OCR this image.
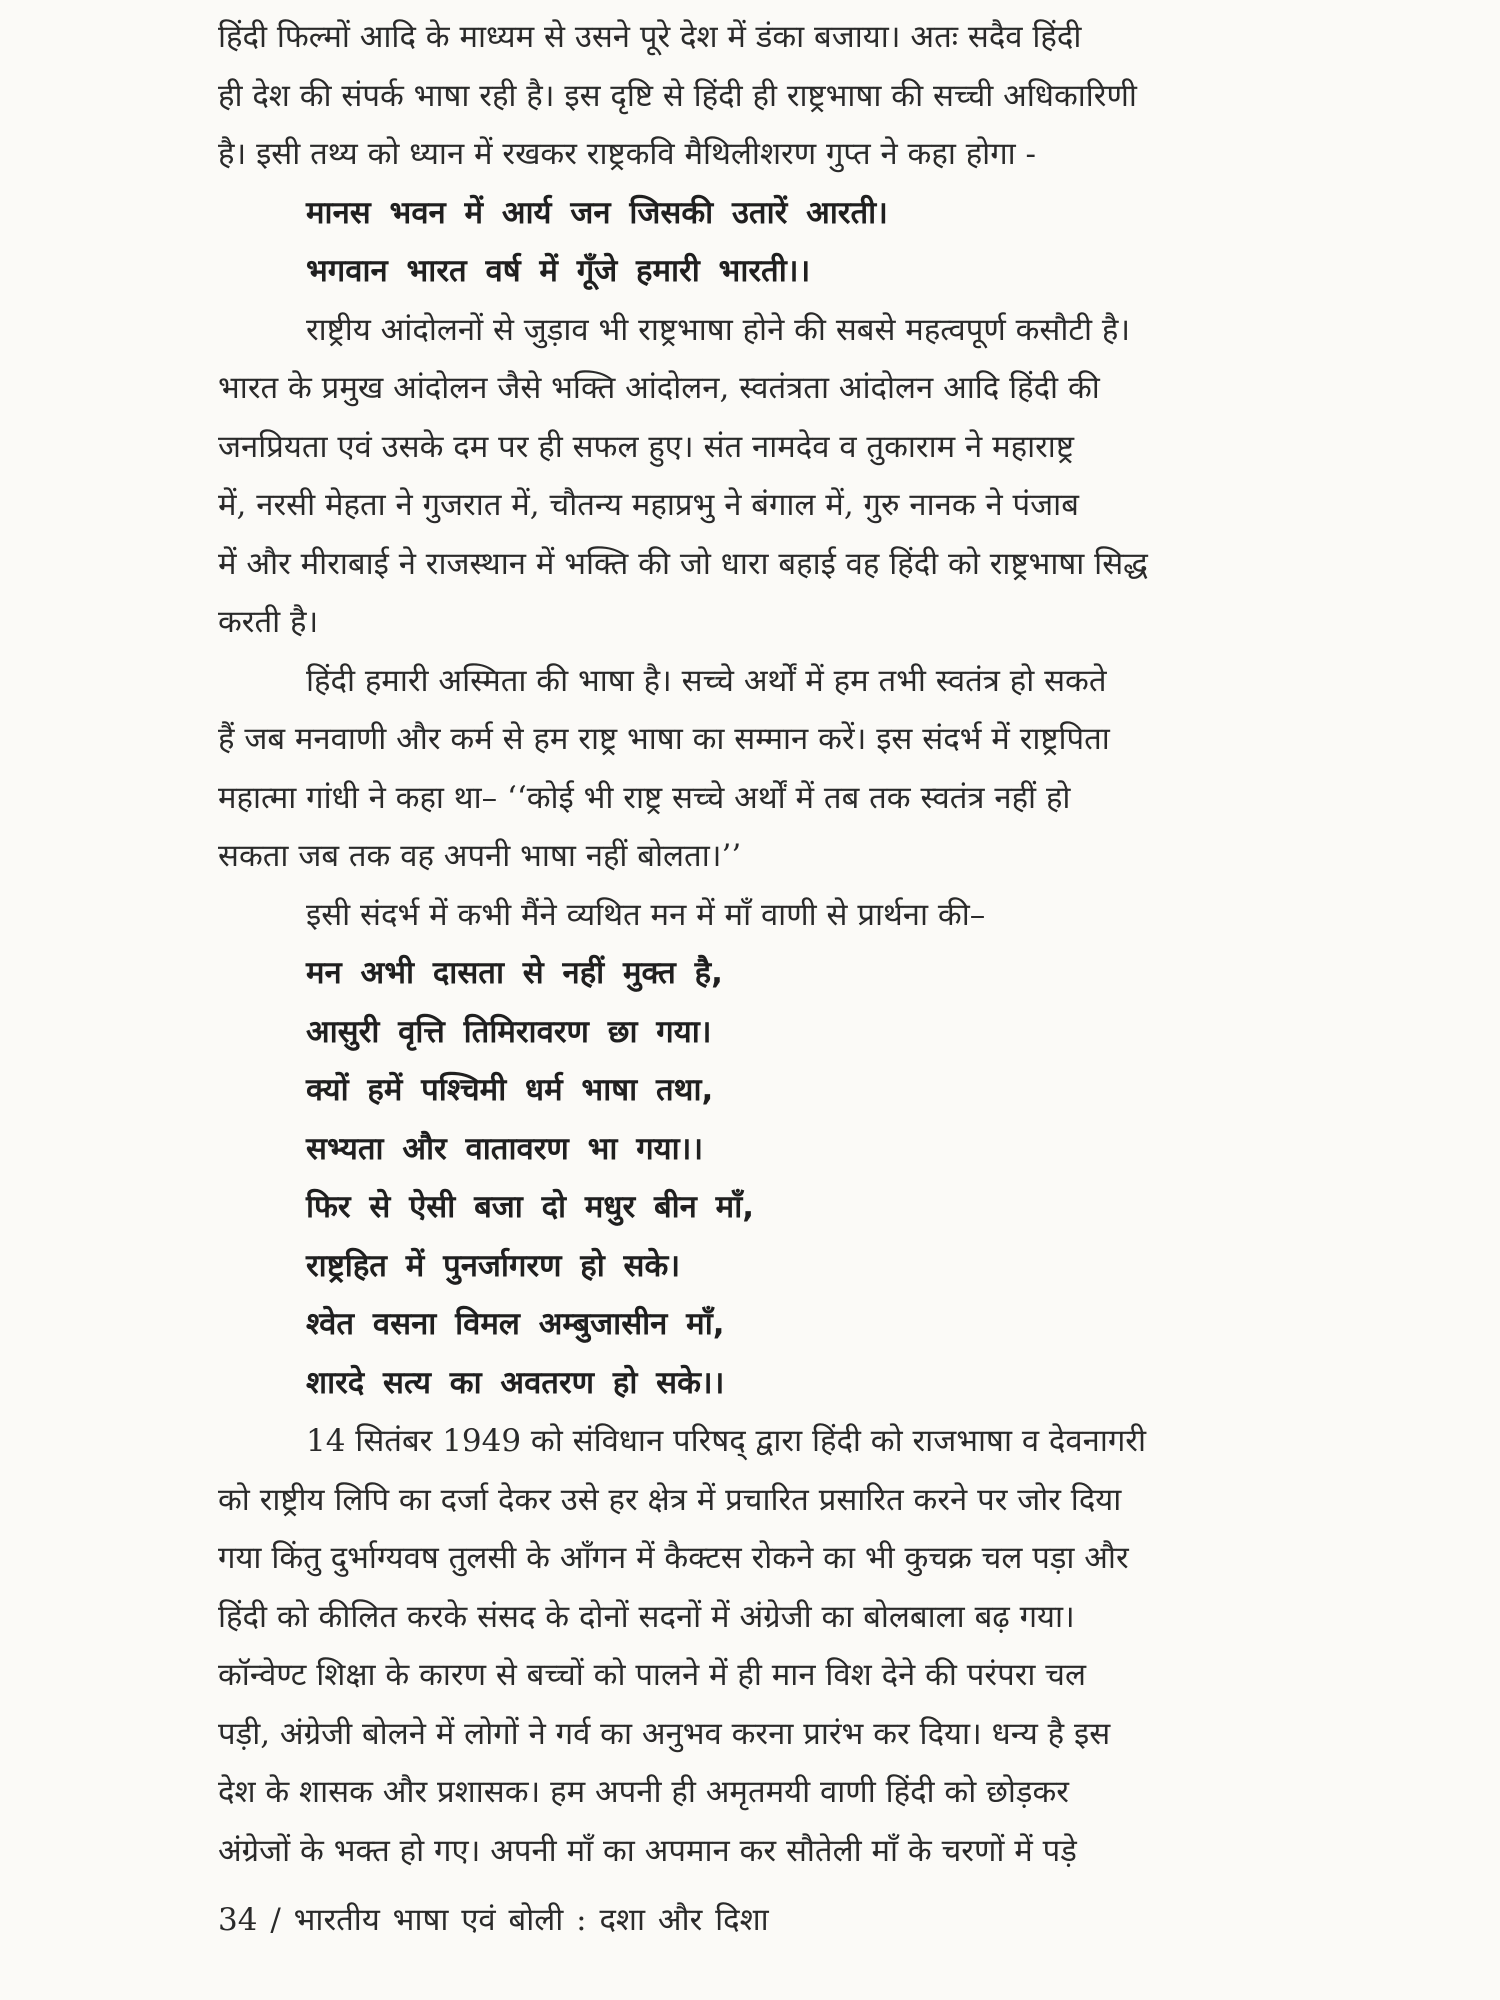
हिंदी फिल्मों आदि के माध्यम से उसने पूरे देश में डंका बजाया। अतः सदैव हिंदी
ही देश की संपर्क भाषा रही है। इस दृष्टि से हिंदी ही राष्ट्रभाषा की सच्ची अधिकारिणी
है। इसी तथ्य को ध्यान में रखकर राष्ट्रकवि मैथिलीशरण गुप्त ने कहा होगा -
मानस भवन में आर्य जन जिसकी उतारें आरती।
भगवान भारत वर्ष में गूँजे हमारी भारती।।
राष्ट्रीय आंदोलनों से जुड़ाव भी राष्ट्रभाषा होने की सबसे महत्वपूर्ण कसौटी है।
भारत के प्रमुख आंदोलन जैसे भक्ति आंदोलन, स्वतंत्रता आंदोलन आदि हिंदी की
जनप्रियता एवं उसके दम पर ही सफल हुए। संत नामदेव व तुकाराम ने महाराष्ट्र
में, नरसी मेहता ने गुजरात में, चौतन्य महाप्रभु ने बंगाल में, गुरु नानक ने पंजाब
में और मीराबाई ने राजस्थान में भक्ति की जो धारा बहाई वह हिंदी को राष्ट्रभाषा सिद्ध
करती है।
हिंदी हमारी अस्मिता की भाषा है। सच्चे अर्थों में हम तभी स्वतंत्र हो सकते
हैं जब मनवाणी और कर्म से हम राष्ट्र भाषा का सम्मान करें। इस संदर्भ में राष्ट्रपिता
महात्मा गांधी ने कहा था– ‘‘कोई भी राष्ट्र सच्चे अर्थों में तब तक स्वतंत्र नहीं हो
सकता जब तक वह अपनी भाषा नहीं बोलता।’’
इसी संदर्भ में कभी मैंने व्यथित मन में माँ वाणी से प्रार्थना की–
मन अभी दासता से नहीं मुक्त है,
आसुरी वृत्ति तिमिरावरण छा गया।
क्यों हमें पश्चिमी धर्म भाषा तथा,
सभ्यता और वातावरण भा गया।।
फिर से ऐसी बजा दो मधुर बीन माँ,
राष्ट्रहित में पुनर्जागरण हो सके।
श्वेत वसना विमल अम्बुजासीन माँ,
शारदे सत्य का अवतरण हो सके।।
14 सितंबर 1949 को संविधान परिषद् द्वारा हिंदी को राजभाषा व देवनागरी
को राष्ट्रीय लिपि का दर्जा देकर उसे हर क्षेत्र में प्रचारित प्रसारित करने पर जोर दिया
गया किंतु दुर्भाग्यवष तुलसी के आँगन में कैक्टस रोकने का भी कुचक्र चल पड़ा और
हिंदी को कीलित करके संसद के दोनों सदनों में अंग्रेजी का बोलबाला बढ़ गया।
कॉन्वेण्ट शिक्षा के कारण से बच्चों को पालने में ही मान विश देने की परंपरा चल
पड़ी, अंग्रेजी बोलने में लोगों ने गर्व का अनुभव करना प्रारंभ कर दिया। धन्य है इस
देश के शासक और प्रशासक। हम अपनी ही अमृतमयी वाणी हिंदी को छोड़कर
अंग्रेजों के भक्त हो गए। अपनी माँ का अपमान कर सौतेली माँ के चरणों में पड़े
34 / भारतीय भाषा एवं बोली : दशा और दिशा
